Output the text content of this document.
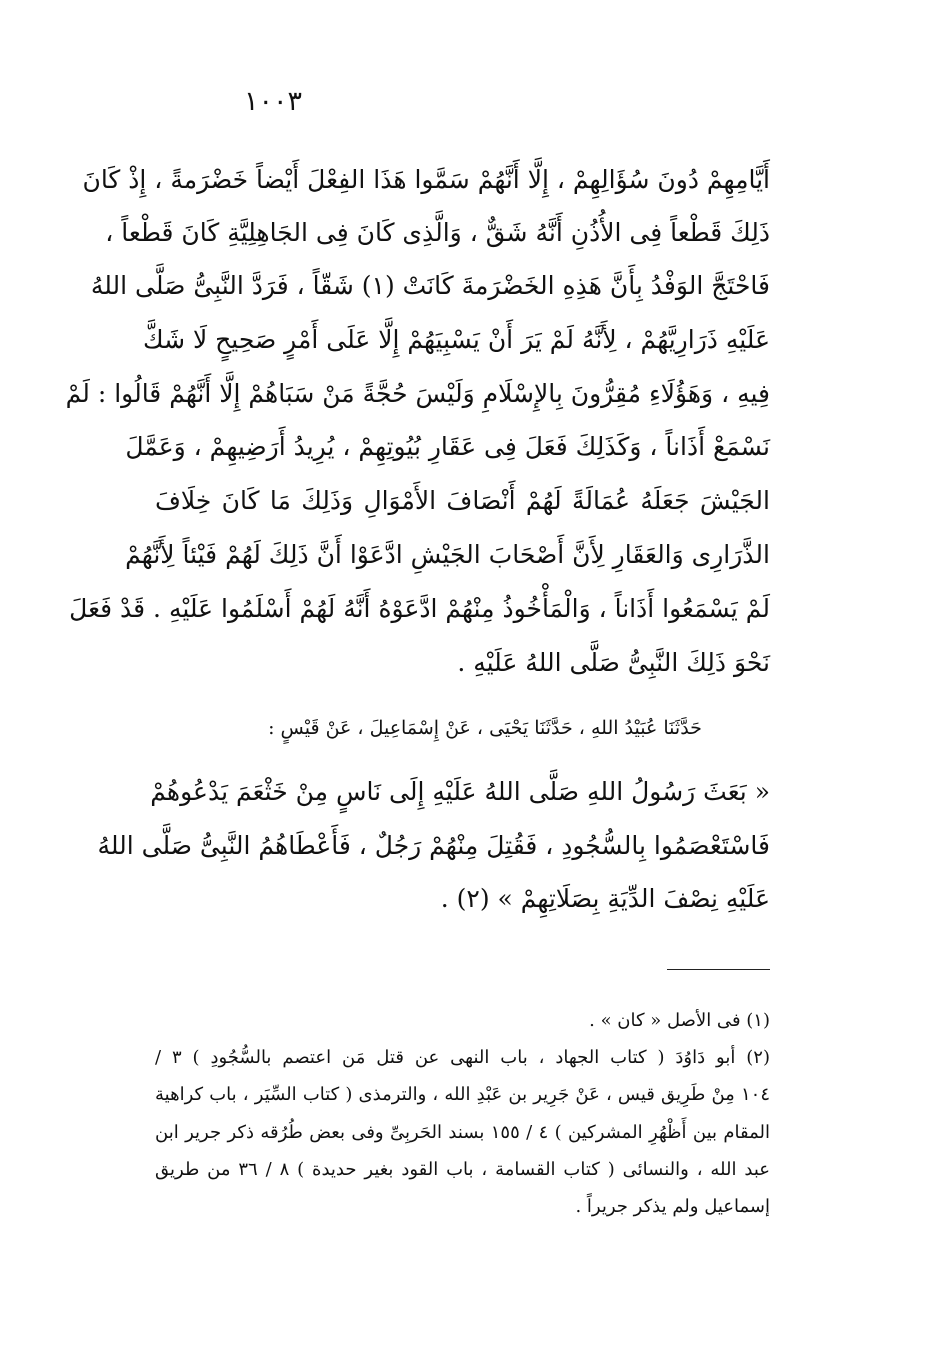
١٠٠٣
أَيَّامِهِمْ دُونَ سُؤَالِهِمْ ، إِلَّا أَنَّهُمْ سَمَّوا هَذَا الفِعْلَ أَيْضاً خَضْرَمةً ، إِذْ كَانَ
ذَلِكَ قَطْعاً فِى الأُذُنِ أَنَّهُ شَقٌّ ، وَالَّذِى كَانَ فِى الجَاهِلِيَّةِ كَانَ قَطْعاً ،
فَاحْتَجَّ الوَفْدُ بِأَنَّ هَذِهِ الخَضْرَمةَ كَانَتْ (١) شَقّاً ، فَرَدَّ النَّبِىُّ صَلَّى اللهُ
عَلَيْهِ ذَرَارِيَّهُمْ ، لِأَنَّهُ لَمْ يَرَ أَنْ يَسْبِيَهُمْ إِلَّا عَلَى أَمْرٍ صَحِيحٍ لَا شَكَّ
فِيهِ ، وَهَؤُلَاءِ مُقِرُّونَ بِالإِسْلَامِ وَلَيْسَ حُجَّةً مَنْ سَبَاهُمْ إِلَّا أَنَّهُمْ قَالُوا : لَمْ
نَسْمَعْ أَذَاناً ، وَكَذَلِكَ فَعَلَ فِى عَقَارِ بُيُوتِهِمْ ، يُرِيدُ أَرَضِيهِمْ ، وَعَمَّلَ
الجَيْشَ جَعَلَهُ عُمَالَةً لَهُمْ أَنْصَافَ الأَمْوَالِ وَذَلِكَ مَا كَانَ خِلَافَ
الذَّرَارِى وَالعَقَارِ لِأَنَّ أَصْحَابَ الجَيْشِ ادَّعَوْا أَنَّ ذَلِكَ لَهُمْ فَيْئاً لِأَنَّهُمْ
لَمْ يَسْمَعُوا أَذَاناً ، وَالْمَأْخُوذُ مِنْهُمْ ادَّعَوْهُ أَنَّهُ لَهُمْ أَسْلَمُوا عَلَيْهِ . قَدْ فَعَلَ
نَحْوَ ذَلِكَ النَّبِىُّ صَلَّى اللهُ عَلَيْهِ .
حَدَّثَنَا عُبَيْدُ اللهِ ، حَدَّثَنَا يَحْيَى ، عَنْ إِسْمَاعِيلَ ، عَنْ قَيْسٍ :
« بَعَثَ رَسُولُ اللهِ صَلَّى اللهُ عَلَيْهِ إِلَى نَاسٍ مِنْ خَثْعَمَ يَدْعُوهُمْ
فَاسْتَعْصَمُوا بِالسُّجُودِ ، فَقُتِلَ مِنْهُمْ رَجُلٌ ، فَأَعْطَاهُمُ النَّبِىُّ صَلَّى اللهُ
عَلَيْهِ نِصْفَ الدِّيَةِ بِصَلَاتِهِمْ » (٢) .
(١) فى الأصل « كان » .
(٢) أبو دَاوُدَ ( كتاب الجهاد ، باب النهى عن قتل مَن اعتصم بالسُّجُودِ ) ٣ /
١٠٤ مِنْ طَرِيق قيس ، عَنْ جَرِير بن عَبْدِ الله ، والترمذى ( كتاب السِّيَر ، باب كراهية
المقام بين أَظْهُرِ المشركين ) ٤ / ١٥٥ بسند الحَربِىِّ وفى بعض طُرُقه ذكر جرير ابن
عبد الله ، والنسائى ( كتاب القسامة ، باب القود بغير حديدة ) ٨ / ٣٦ من طريق
إسماعيل ولم يذكر جريراً .
